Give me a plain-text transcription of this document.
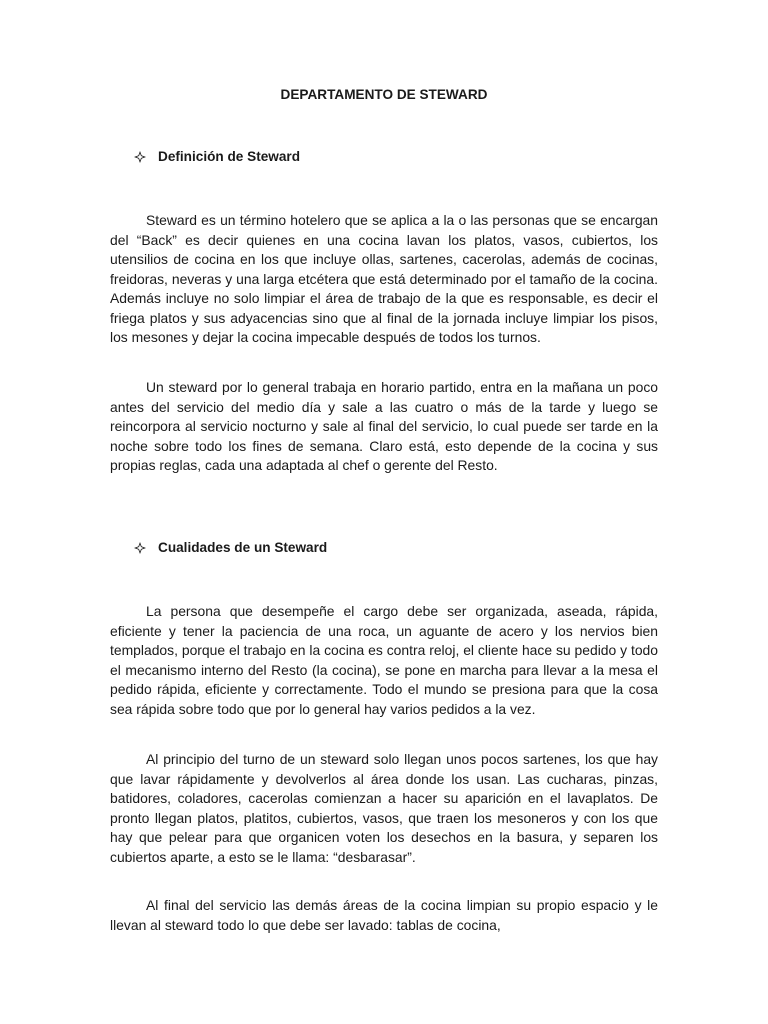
DEPARTAMENTO DE STEWARD
Definición de Steward

Steward es un término hotelero que se aplica a la o las personas que se encargan del “Back” es decir quienes en una cocina lavan los platos, vasos, cubiertos, los utensilios de cocina en los que incluye ollas, sartenes, cacerolas, además de cocinas, freidoras, neveras y una larga etcétera que está determinado por el tamaño de la cocina. Además incluye no solo limpiar el área de trabajo de la que es responsable, es decir el friega platos y sus adyacencias sino que al final de la jornada incluye limpiar los pisos, los mesones y dejar la cocina impecable después de todos los turnos.

Un steward por lo general trabaja en horario partido, entra en la mañana un poco antes del servicio del medio día y sale a las cuatro o más de la tarde y luego se reincorpora al servicio nocturno y sale al final del servicio, lo cual puede ser tarde en la noche sobre todo los fines de semana. Claro está, esto depende de la cocina y sus propias reglas, cada una adaptada al chef o gerente del Resto.

Cualidades de un Steward

La persona que desempeñe el cargo debe ser organizada, aseada, rápida, eficiente y tener la paciencia de una roca, un aguante de acero y los nervios bien templados, porque el trabajo en la cocina es contra reloj, el cliente hace su pedido y todo el mecanismo interno del Resto (la cocina), se pone en marcha para llevar a la mesa el pedido rápida, eficiente y correctamente. Todo el mundo se presiona para que la cosa sea rápida sobre todo que por lo general hay varios pedidos a la vez.

Al principio del turno de un steward solo llegan unos pocos sartenes, los que hay que lavar rápidamente y devolverlos al área donde los usan. Las cucharas, pinzas, batidores, coladores, cacerolas comienzan a hacer su aparición en el lavaplatos. De pronto llegan platos, platitos, cubiertos, vasos, que traen los mesoneros y con los que hay que pelear para que organicen voten los desechos en la basura, y separen los cubiertos aparte, a esto se le llama: “desbarasar”.

Al final del servicio las demás áreas de la cocina limpian su propio espacio y le llevan al steward todo lo que debe ser lavado: tablas de cocina,
